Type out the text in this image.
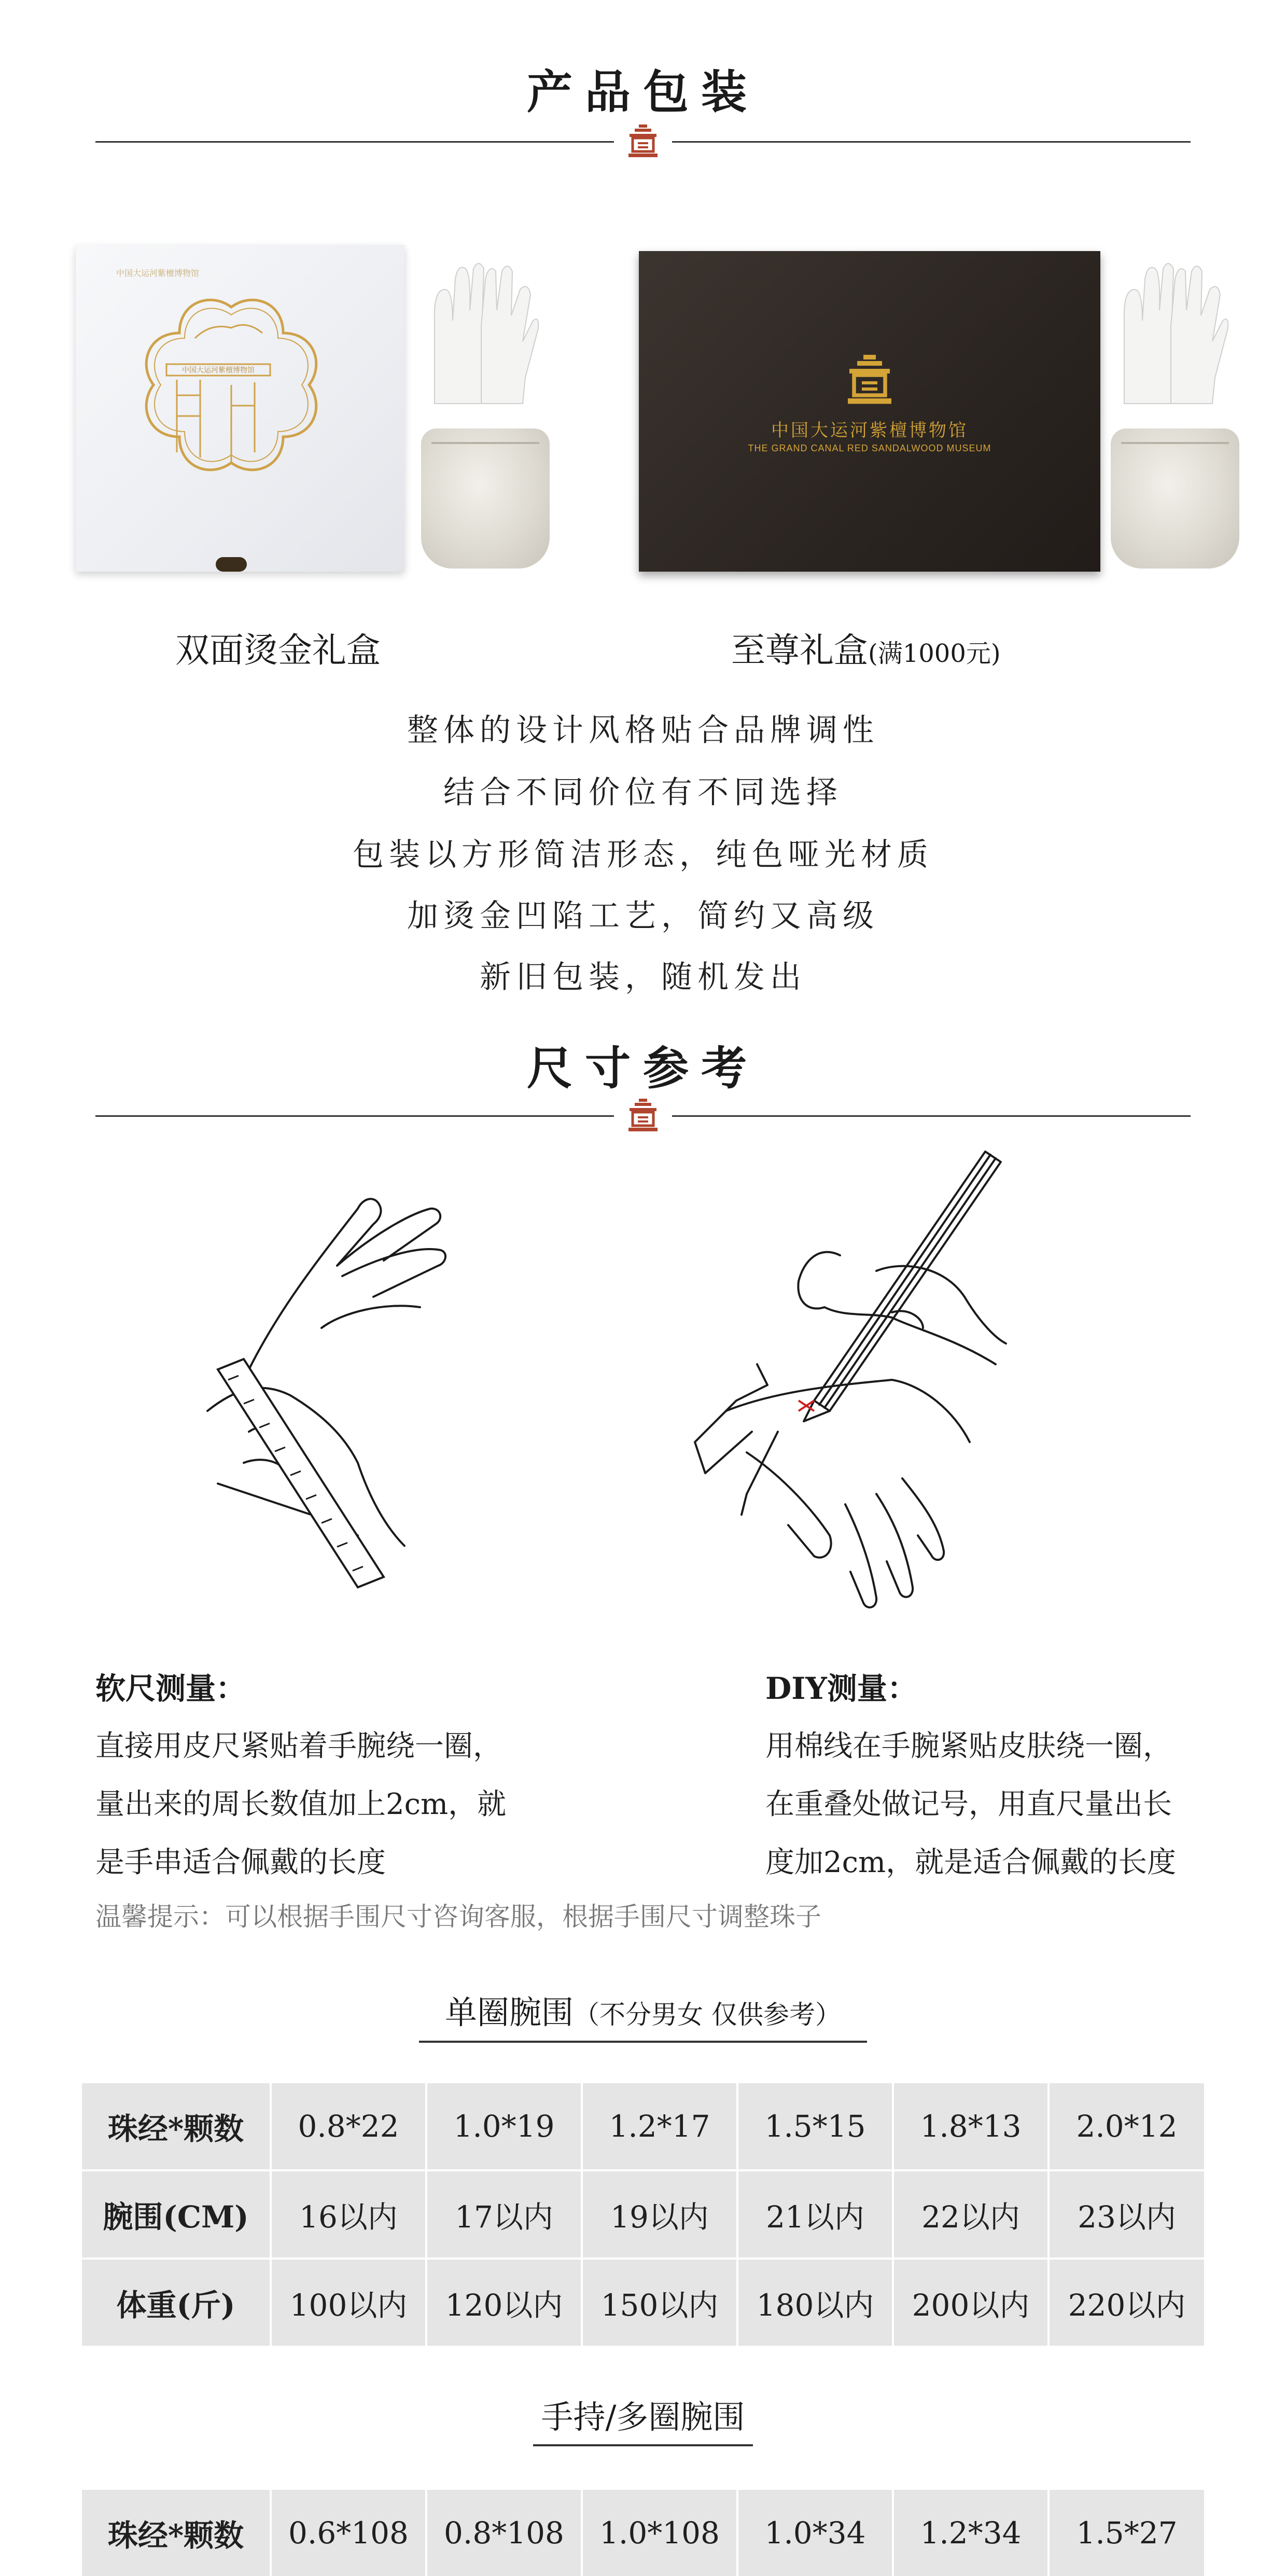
产品包装
中国大运河紫檀博物馆
中国大运河紫檀博物馆
中国大运河紫檀博物馆
THE GRAND CANAL RED SANDALWOOD MUSEUM
双面烫金礼盒	至尊礼盒(满1000元)
整体的设计风格贴合品牌调性
结合不同价位有不同选择
包装以方形简洁形态，纯色哑光材质
加烫金凹陷工艺，简约又高级
新旧包装，随机发出
尺寸参考
软尺测量：
直接用皮尺紧贴着手腕绕一圈，
量出来的周长数值加上2cm，就
是手串适合佩戴的长度
DIY测量：
用棉线在手腕紧贴皮肤绕一圈，
在重叠处做记号，用直尺量出长
度加2cm，就是适合佩戴的长度
温馨提示：可以根据手围尺寸咨询客服，根据手围尺寸调整珠子
单圈腕围（不分男女 仅供参考）
珠经*颗数	0.8*22	1.0*19	1.2*17	1.5*15	1.8*13	2.0*12
腕围(CM)	16以内	17以内	19以内	21以内	22以内	23以内
体重(斤)	100以内	120以内	150以内	180以内	200以内	220以内
手持/多圈腕围
珠经*颗数	0.6*108	0.8*108	1.0*108	1.0*34	1.2*34	1.5*27
